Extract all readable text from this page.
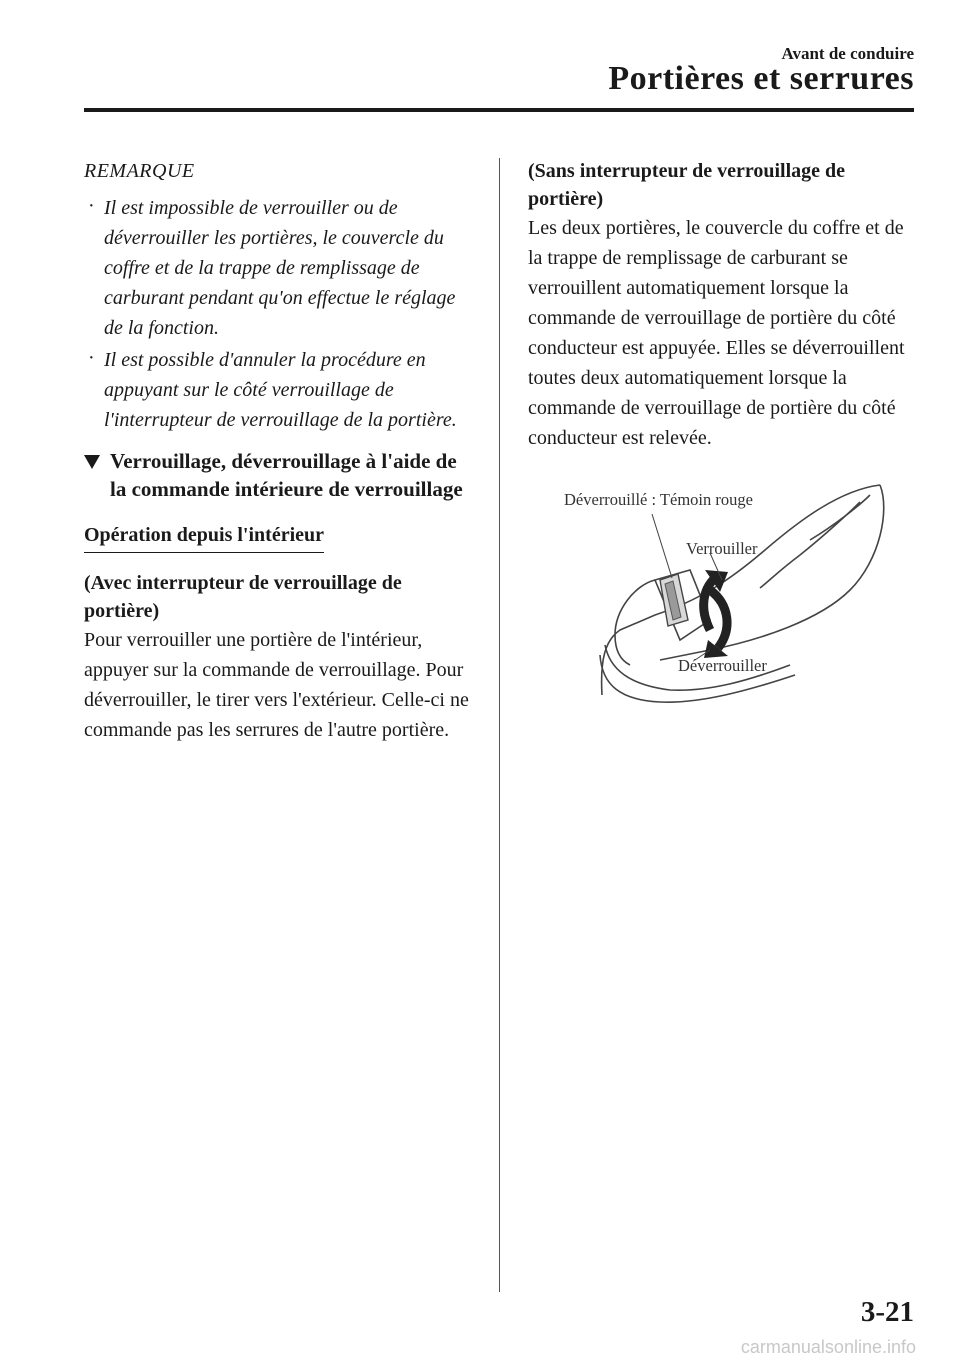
Avant de conduire
Portières et serrures
REMARQUE
· Il est impossible de verrouiller ou de déverrouiller les portières, le couvercle du coffre et de la trappe de remplissage de carburant pendant qu'on effectue le réglage de la fonction.
· Il est possible d'annuler la procédure en appuyant sur le côté verrouillage de l'interrupteur de verrouillage de la portière.
Verrouillage, déverrouillage à l'aide de la commande intérieure de verrouillage
Opération depuis l'intérieur
(Avec interrupteur de verrouillage de portière)

Pour verrouiller une portière de l'intérieur, appuyer sur la commande de verrouillage. Pour déverrouiller, le tirer vers l'extérieur. Celle-ci ne commande pas les serrures de l'autre portière.

(Sans interrupteur de verrouillage de portière)

Les deux portières, le couvercle du coffre et de la trappe de remplissage de carburant se verrouillent automatiquement lorsque la commande de verrouillage de portière du côté conducteur est appuyée. Elles se déverrouillent toutes deux automatiquement lorsque la commande de verrouillage de portière du côté conducteur est relevée.

Déverrouillé : Témoin rouge
Verrouiller
Déverrouiller
3-21
carmanualsonline.info
